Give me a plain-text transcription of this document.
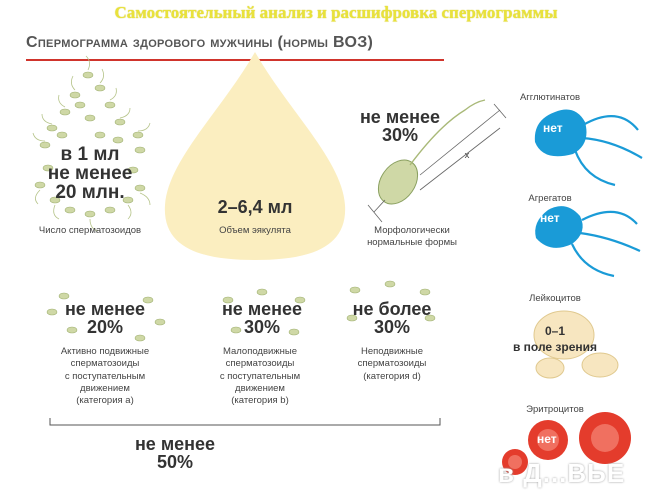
Самостоятельный анализ и расшифровка спермограммы
Спермограмма здорового мужчины (нормы ВОЗ)
в 1 мл
не менее
20 млн.
Число сперматозоидов
2–6,4 мл
Объем эякулята
не менее
30%
Морфологически
нормальные формы
x
не менее
20%
Активно подвижные
сперматозоиды
с поступательным
движением
(категория a)
не менее
30%
Малоподвижные
сперматозоиды
с поступательным
движением
(категория b)
не более
30%
Неподвижные
сперматозоиды
(категория d)
не менее
50%
Агглютинатов
нет
Агрегатов
нет
Лейкоцитов
0–1
в поле зрения
Эритроцитов
нет
в Д...ВЬЕ
